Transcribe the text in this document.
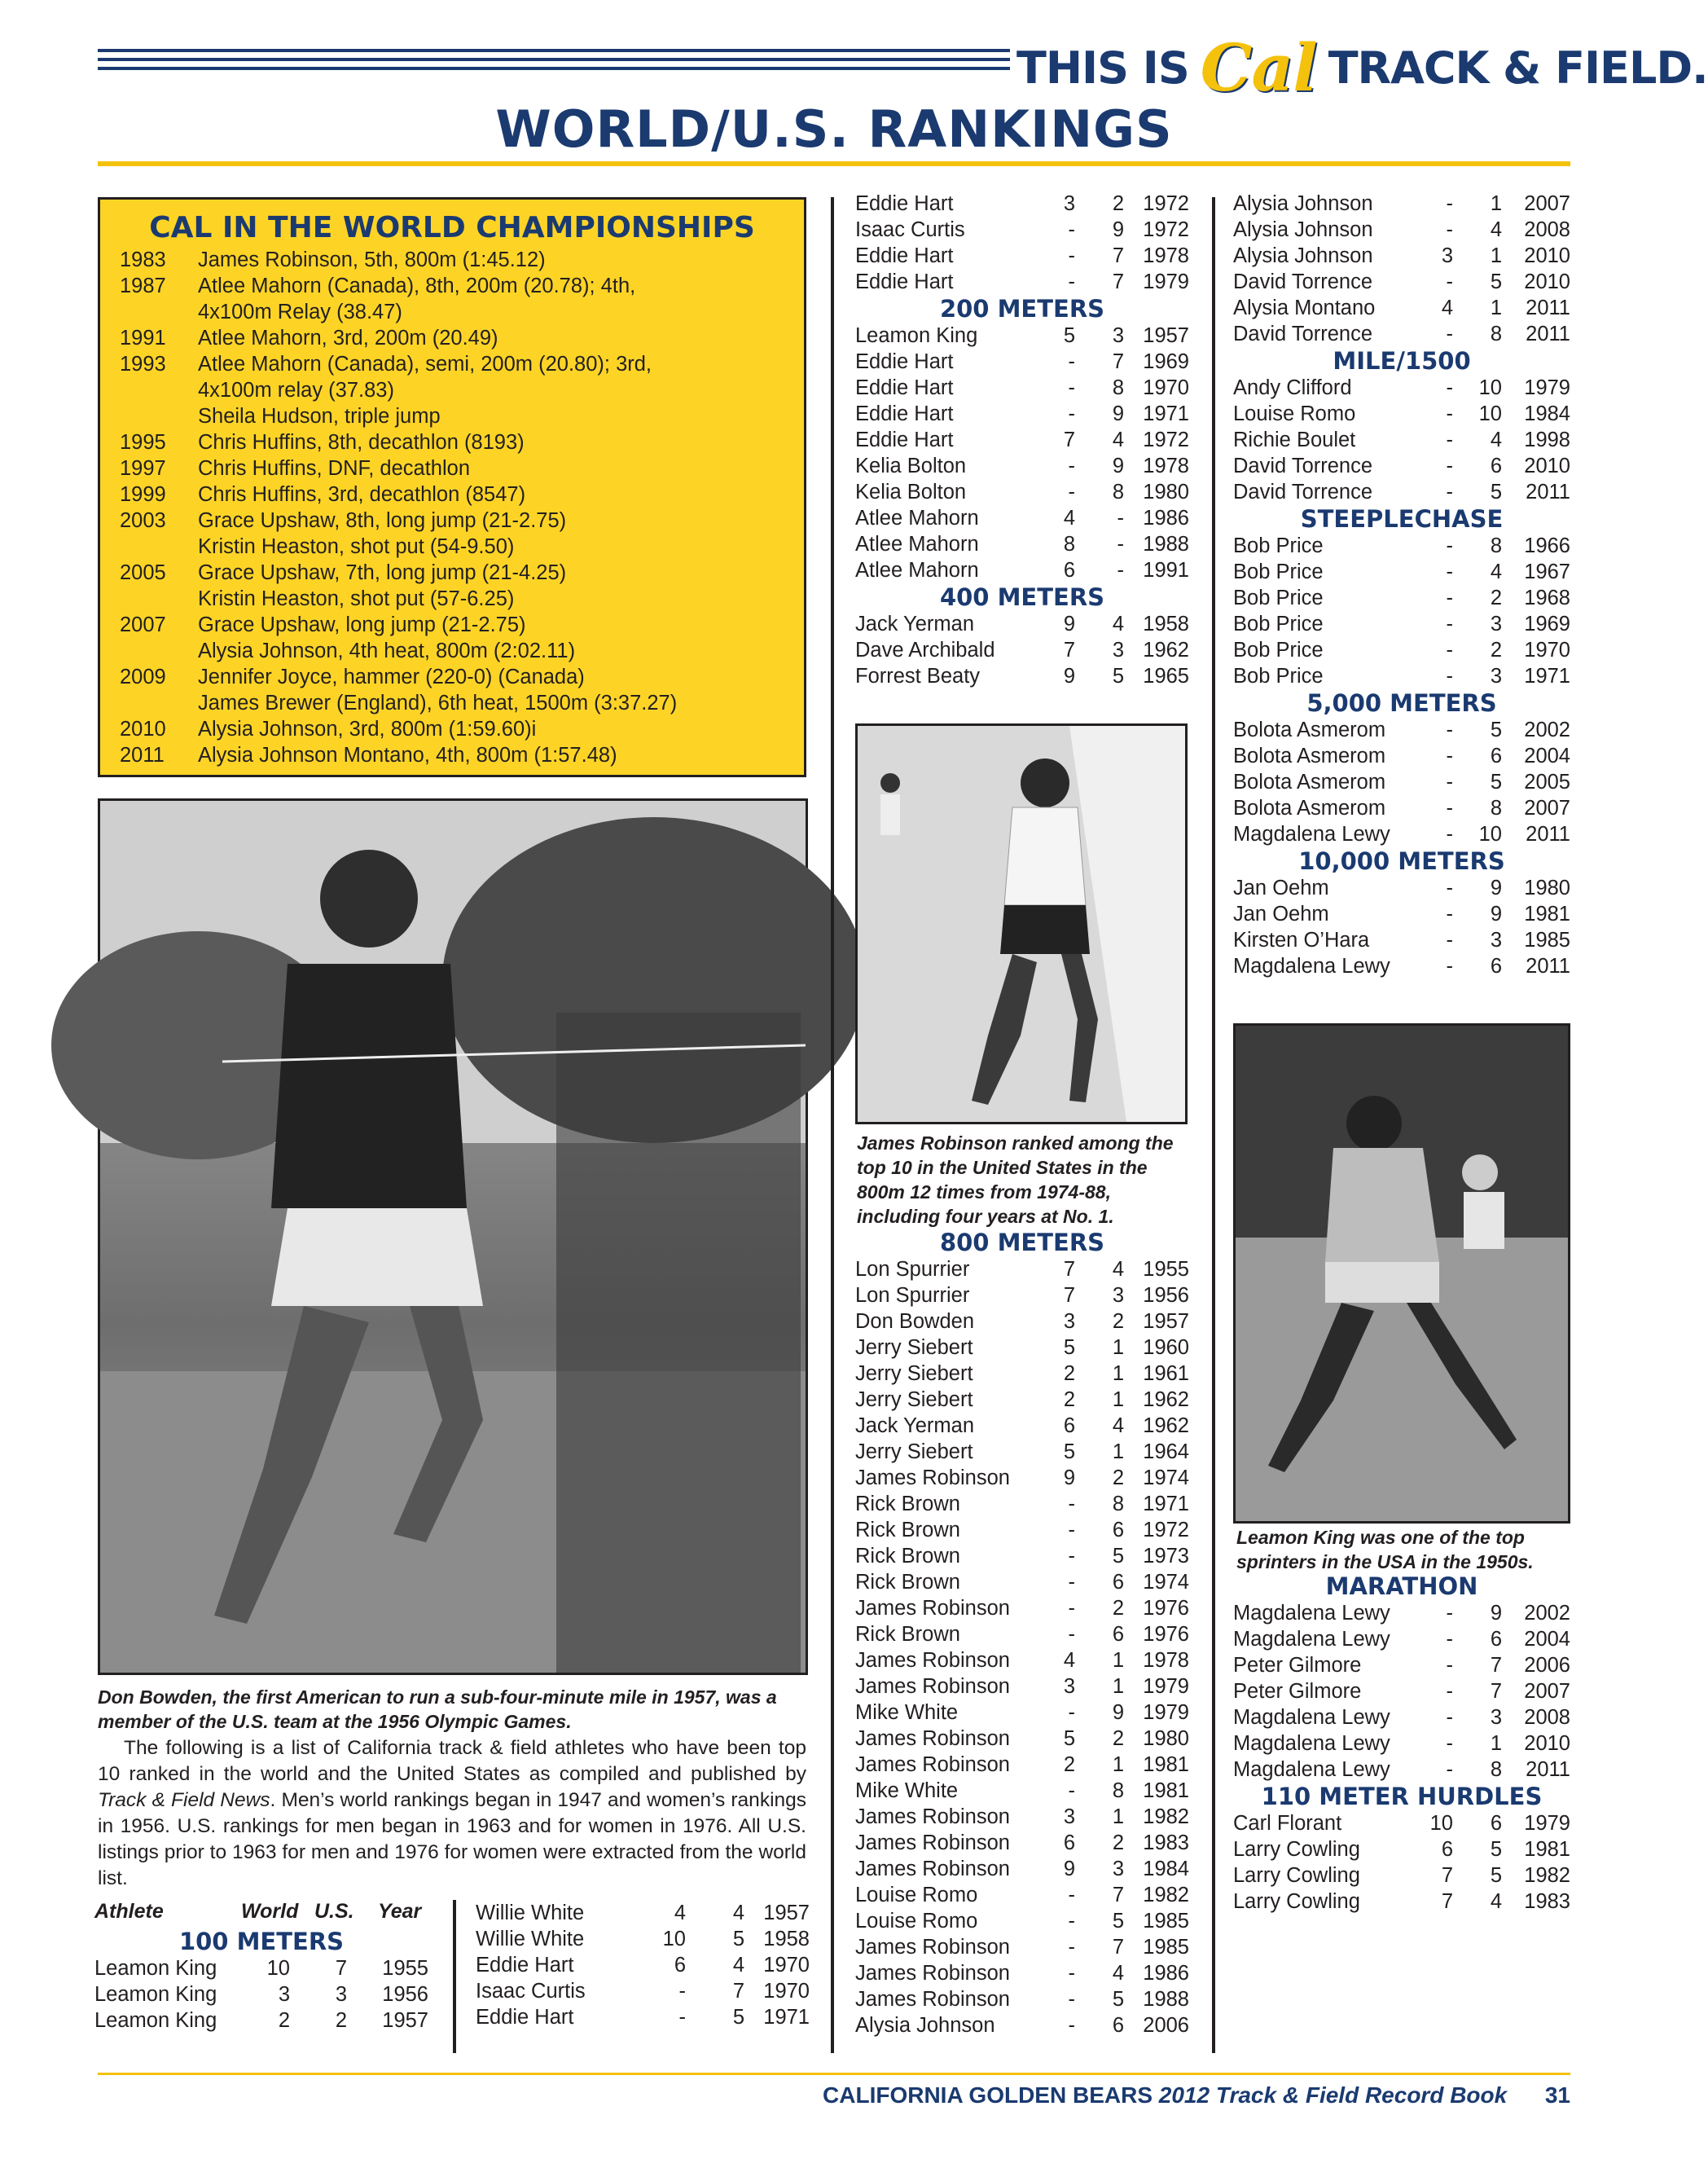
THIS IS Cal TRACK & FIELD.
WORLD/U.S. RANKINGS
CAL IN THE WORLD CHAMPIONSHIPS
1983	James Robinson, 5th, 800m (1:45.12)
1987	Atlee Mahorn (Canada), 8th, 200m (20.78); 4th,
4x100m Relay (38.47)
1991	Atlee Mahorn, 3rd, 200m (20.49)
1993	Atlee Mahorn (Canada), semi, 200m (20.80); 3rd,
4x100m relay (37.83)
Sheila Hudson, triple jump
1995	Chris Huffins, 8th, decathlon (8193)
1997	Chris Huffins, DNF, decathlon
1999	Chris Huffins, 3rd, decathlon (8547)
2003	Grace Upshaw, 8th, long jump (21-2.75)
Kristin Heaston, shot put (54-9.50)
2005	Grace Upshaw, 7th, long jump (21-4.25)
Kristin Heaston, shot put (57-6.25)
2007	Grace Upshaw, long jump (21-2.75)
Alysia Johnson, 4th heat, 800m (2:02.11)
2009	Jennifer Joyce, hammer (220-0) (Canada)
James Brewer (England), 6th heat, 1500m (3:37.27)
2010	Alysia Johnson, 3rd, 800m (1:59.60)i
2011	Alysia Johnson Montano, 4th, 800m (1:57.48)
Don Bowden, the first American to run a sub-four-minute mile in 1957, was a member of the U.S. team at the 1956 Olympic Games.

The following is a list of California track & field athletes who have been top 10 ranked in the world and the United States as compiled and published by Track & Field News. Men’s world rankings began in 1947 and women’s rankings in 1956. U.S. rankings for men began in 1963 and for women in 1976. All U.S. listings prior to 1963 for men and 1976 for women were extracted from the world list.

Athlete	World U.S. Year
100 METERS
Leamon King	10	7	1955
Leamon King	3	3	1956
Leamon King	2	2	1957
Willie White	4	4 1957
Willie White	10	5 1958
Eddie Hart	6	4 1970
Isaac Curtis	-	7 1970
Eddie Hart	-	5 1971
Eddie Hart	3	2 1972
Isaac Curtis	-	9 1972
Eddie Hart	-	7 1978
Eddie Hart	-	7 1979
200 METERS
Leamon King	5	3 1957
Eddie Hart	-	7 1969
Eddie Hart	-	8 1970
Eddie Hart	-	9 1971
Eddie Hart	7	4 1972
Kelia Bolton	-	9 1978
Kelia Bolton	-	8 1980
Atlee Mahorn	4	- 1986
Atlee Mahorn	8	- 1988
Atlee Mahorn	6	- 1991
400 METERS
Jack Yerman	9	4 1958
Dave Archibald	7	3 1962
Forrest Beaty	9	5 1965
800 METERS
Lon Spurrier	7	4 1955
Lon Spurrier	7	3 1956
Don Bowden	3	2 1957
Jerry Siebert	5	1 1960
Jerry Siebert	2	1 1961
Jerry Siebert	2	1 1962
Jack Yerman	6	4 1962
Jerry Siebert	5	1 1964
James Robinson	9	2 1974
Rick Brown	-	8 1971
Rick Brown	-	6 1972
Rick Brown	-	5 1973
Rick Brown	-	6 1974
James Robinson	-	2 1976
Rick Brown	-	6 1976
James Robinson	4	1 1978
James Robinson	3	1 1979
Mike White	-	9 1979
James Robinson	5	2 1980
James Robinson	2	1 1981
Mike White	-	8 1981
James Robinson	3	1 1982
James Robinson	6	2 1983
James Robinson	9	3 1984
Louise Romo	-	7 1982
Louise Romo	-	5 1985
James Robinson	-	7 1985
James Robinson	-	4 1986
James Robinson	-	5 1988
Alysia Johnson	-	6 2006
Alysia Johnson	-	1	2007
Alysia Johnson	-	4	2008
Alysia Johnson	3	1	2010
David Torrence	-	5	2010
Alysia Montano	4	1	2011
David Torrence	-	8	2011
MILE/1500
Andy Clifford	-	10	1979
Louise Romo	-	10	1984
Richie Boulet	-	4	1998
David Torrence	-	6	2010
David Torrence	-	5	2011
STEEPLECHASE
Bob Price	-	8	1966
Bob Price	-	4	1967
Bob Price	-	2	1968
Bob Price	-	3	1969
Bob Price	-	2	1970
Bob Price	-	3	1971
5,000 METERS
Bolota Asmerom	-	5	2002
Bolota Asmerom	-	6	2004
Bolota Asmerom	-	5	2005
Bolota Asmerom	-	8	2007
Magdalena Lewy	-	10	2011
10,000 METERS
Jan Oehm	-	9	1980
Jan Oehm	-	9	1981
Kirsten O’Hara	-	3	1985
Magdalena Lewy	-	6	2011
MARATHON
Magdalena Lewy	-	9	2002
Magdalena Lewy	-	6	2004
Peter Gilmore	-	7	2006
Peter Gilmore	-	7	2007
Magdalena Lewy	-	3	2008
Magdalena Lewy	-	1	2010
Magdalena Lewy	-	8	2011
110 METER HURDLES
Carl Florant	10	6	1979
Larry Cowling	6	5	1981
Larry Cowling	7	5	1982
Larry Cowling	7	4	1983
James Robinson ranked among the top 10 in the United States in the 800m 12 times from 1974-88, including four years at No. 1.
Leamon King was one of the top sprinters in the USA in the 1950s.
CALIFORNIA GOLDEN BEARS 2012 Track & Field Record Book 31
